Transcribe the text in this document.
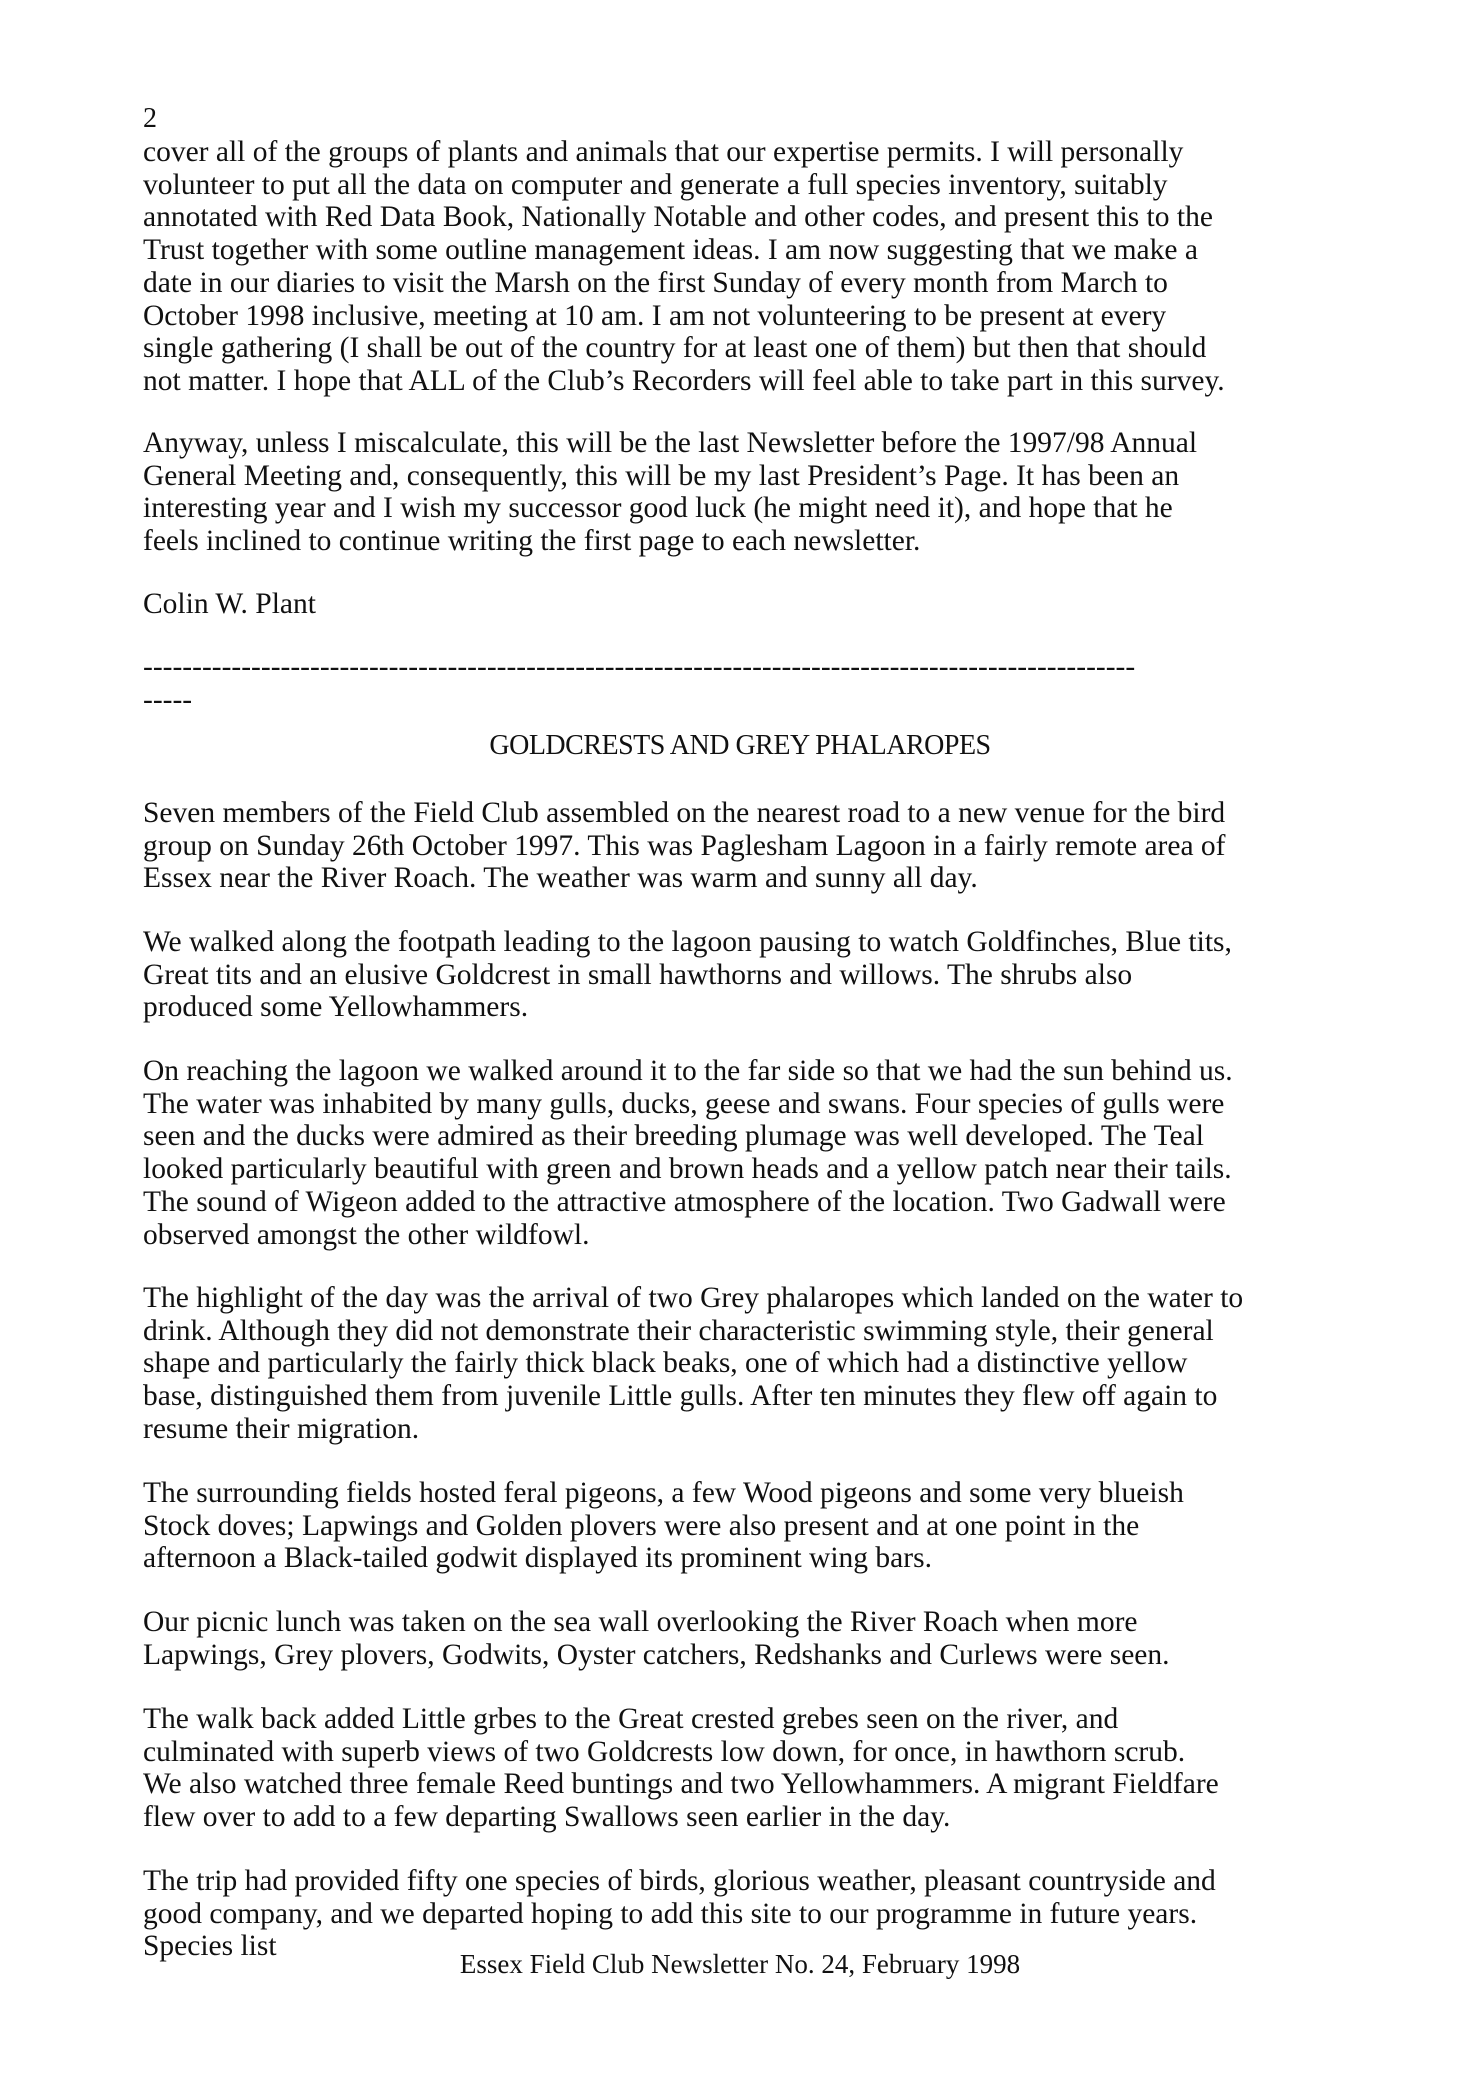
2
cover all of the groups of plants and animals that our expertise permits. I will personally
volunteer to put all the data on computer and generate a full species inventory, suitably
annotated with Red Data Book, Nationally Notable and other codes, and present this to the
Trust together with some outline management ideas. I am now suggesting that we make a
date in our diaries to visit the Marsh on the first Sunday of every month from March to
October 1998 inclusive, meeting at 10 am. I am not volunteering to be present at every
single gathering (I shall be out of the country for at least one of them) but then that should
not matter. I hope that ALL of the Club’s Recorders will feel able to take part in this survey.
Anyway, unless I miscalculate, this will be the last Newsletter before the 1997/98 Annual
General Meeting and, consequently, this will be my last President’s Page. It has been an
interesting year and I wish my successor good luck (he might need it), and hope that he
feels inclined to continue writing the first page to each newsletter.
Colin W. Plant
-----------------------------------------------------------------------------------------------------
-----
GOLDCRESTS AND GREY PHALAROPES
Seven members of the Field Club assembled on the nearest road to a new venue for the bird
group on Sunday 26th October 1997. This was Paglesham Lagoon in a fairly remote area of
Essex near the River Roach. The weather was warm and sunny all day.
We walked along the footpath leading to the lagoon pausing to watch Goldfinches, Blue tits,
Great tits and an elusive Goldcrest in small hawthorns and willows. The shrubs also
produced some Yellowhammers.
On reaching the lagoon we walked around it to the far side so that we had the sun behind us.
The water was inhabited by many gulls, ducks, geese and swans. Four species of gulls were
seen and the ducks were admired as their breeding plumage was well developed. The Teal
looked particularly beautiful with green and brown heads and a yellow patch near their tails.
The sound of Wigeon added to the attractive atmosphere of the location. Two Gadwall were
observed amongst the other wildfowl.
The highlight of the day was the arrival of two Grey phalaropes which landed on the water to
drink. Although they did not demonstrate their characteristic swimming style, their general
shape and particularly the fairly thick black beaks, one of which had a distinctive yellow
base, distinguished them from juvenile Little gulls. After ten minutes they flew off again to
resume their migration.
The surrounding fields hosted feral pigeons, a few Wood pigeons and some very blueish
Stock doves; Lapwings and Golden plovers were also present and at one point in the
afternoon a Black-tailed godwit displayed its prominent wing bars.
Our picnic lunch was taken on the sea wall overlooking the River Roach when more
Lapwings, Grey plovers, Godwits, Oyster catchers, Redshanks and Curlews were seen.
The walk back added Little grbes to the Great crested grebes seen on the river, and
culminated with superb views of two Goldcrests low down, for once, in hawthorn scrub.
We also watched three female Reed buntings and two Yellowhammers. A migrant Fieldfare
flew over to add to a few departing Swallows seen earlier in the day.
The trip had provided fifty one species of birds, glorious weather, pleasant countryside and
good company, and we departed hoping to add this site to our programme in future years.
Species list
Essex Field Club Newsletter No. 24, February 1998
